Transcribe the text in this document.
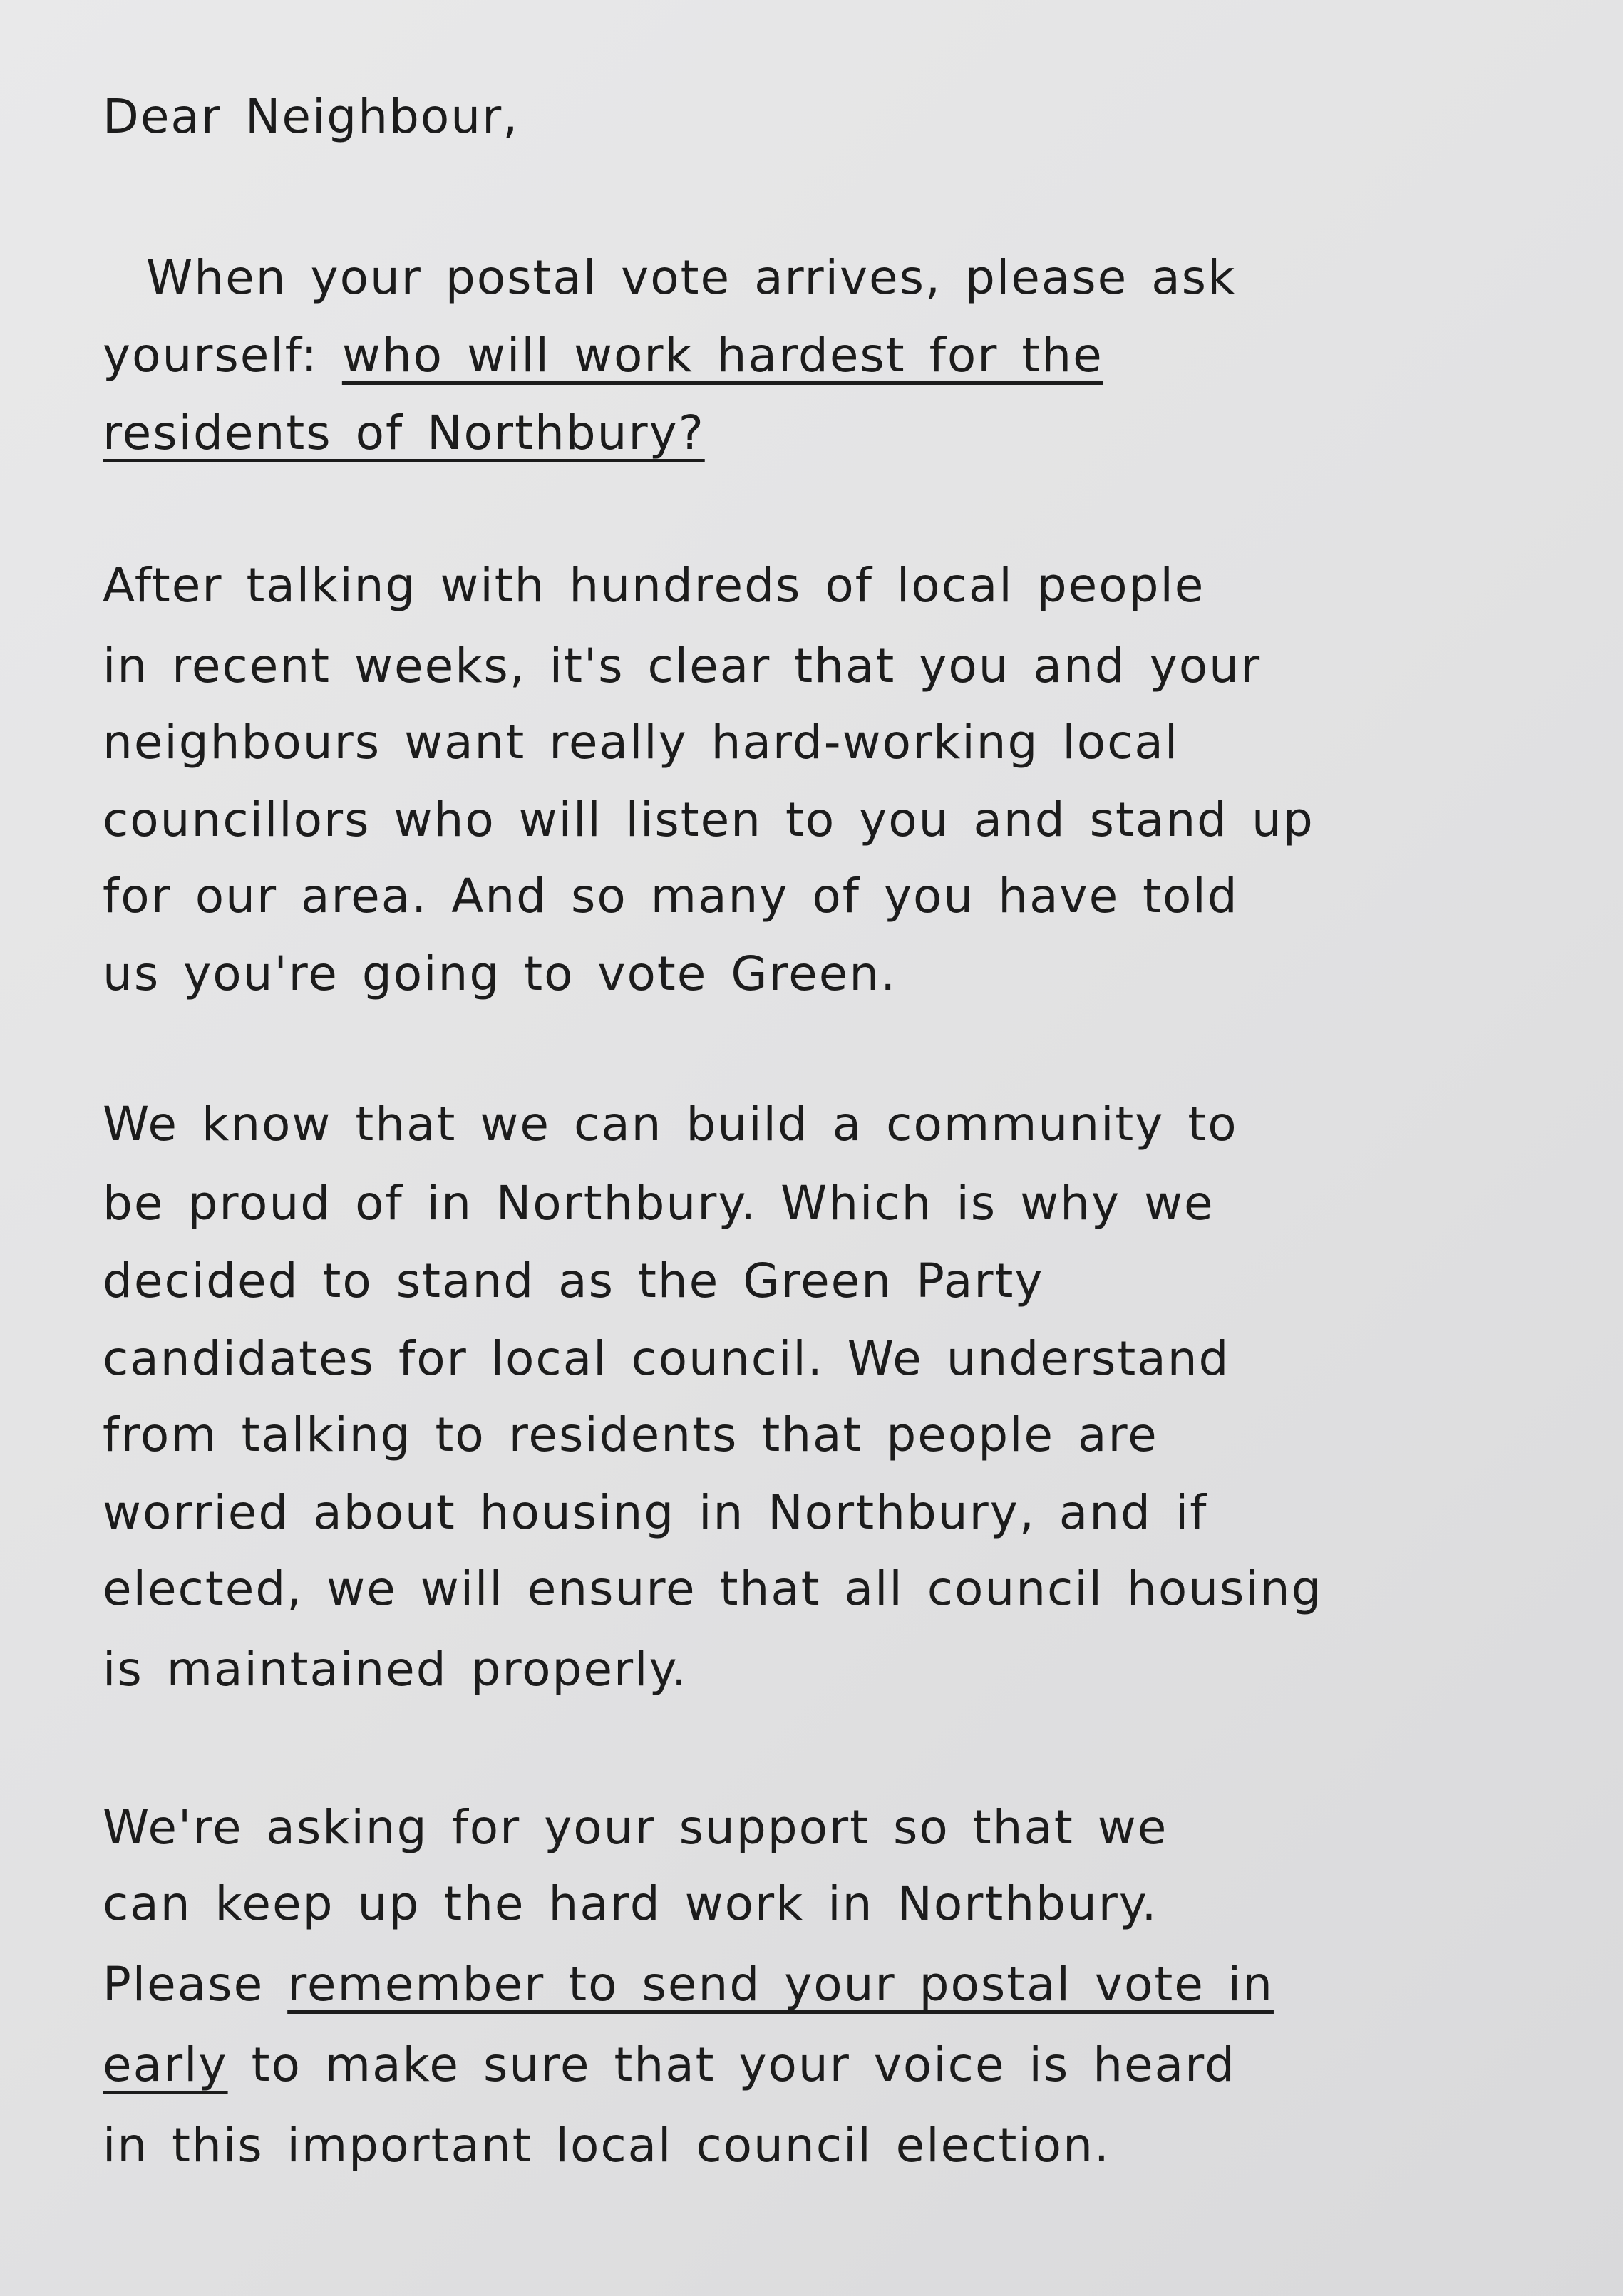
Dear Neighbour,
When your postal vote arrives, please ask
yourself: who will work hardest for the
residents of Northbury?
After talking with hundreds of local people
in recent weeks, it's clear that you and your
neighbours want really hard-working local
councillors who will listen to you and stand up
for our area. And so many of you have told
us you're going to vote Green.
We know that we can build a community to
be proud of in Northbury. Which is why we
decided to stand as the Green Party
candidates for local council. We understand
from talking to residents that people are
worried about housing in Northbury, and if
elected, we will ensure that all council housing
is maintained properly.
We're asking for your support so that we
can keep up the hard work in Northbury.
Please remember to send your postal vote in
early to make sure that your voice is heard
in this important local council election.
